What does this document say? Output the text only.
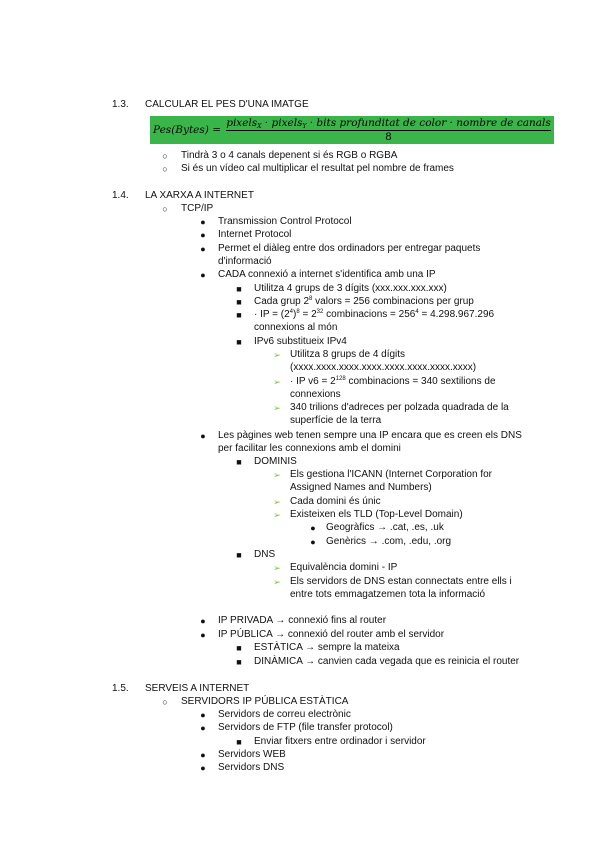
1.3.	CALCULAR EL PES D'UNA IMATGE
Pes(Bytes) =
pixels$_X$ · pixels$_Y$ · bits profunditat de color · nombre de canals
8
○ Tindrà 3 o 4 canals depenent si és RGB o RGBA
○ Si és un vídeo cal multiplicar el resultat pel nombre de frames
1.4.	LA XARXA A INTERNET
○ TCP/IP
● Transmission Control Protocol
● Internet Protocol
● Permet el diàleg entre dos ordinadors per entregar paquets
d'informació
● CADA connexió a internet s'identifica amb una IP
■ Utilitza 4 grups de 3 dígits (xxx.xxx.xxx.xxx)
■ Cada grup $2^8$ valors = 256 combinacions per grup
■ · IP = $(2^4)^8 = 2^{32}$ combinacions = $256^4 = 4.298.967.296$
connexions al món
■ IPv6 substitueix IPv4
➢ Utilitza 8 grups de 4 dígits
(xxxx.xxxx.xxxx.xxxx.xxxx.xxxx.xxxx.xxxx)
➢ · IP $v6 = 2^{128}$ combinacions = 340 sextilions de
connexions
➢ 340 trilions d'adreces per polzada quadrada de la
superfície de la terra
● Les pàgines web tenen sempre una IP encara que es creen els DNS
per facilitar les connexions amb el domini
■ DOMINIS
➢ Els gestiona l'ICANN (Internet Corporation for
Assigned Names and Numbers)
➢ Cada domini és únic
➢ Existeixen els TLD (Top-Level Domain)
● Geogràfics → .cat, .es, .uk
● Genèrics → .com, .edu, .org
■ DNS
➢ Equivalència domini - IP
➢ Els servidors de DNS estan connectats entre ells i
entre tots emmagatzemen tota la informació
● IP PRIVADA → connexió fins al router
● IP PÚBLICA → connexió del router amb el servidor
■ ESTÀTICA → sempre la mateixa
■ DINÀMICA → canvien cada vegada que es reinicia el router
1.5.	SERVEIS A INTERNET
○ SERVIDORS IP PÚBLICA ESTÀTICA
● Servidors de correu electrònic
● Servidors de FTP (file transfer protocol)
■ Enviar fitxers entre ordinador i servidor
● Servidors WEB
● Servidors DNS
